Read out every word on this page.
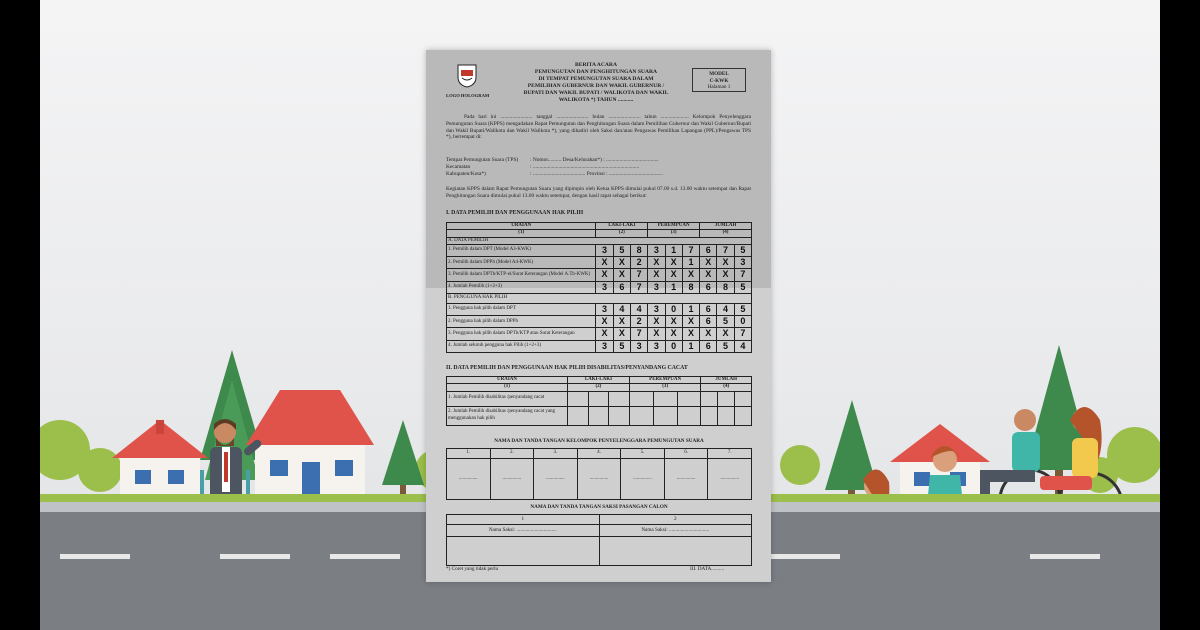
LOGO HOLOGRAM
BERITA ACARA
PEMUNGUTAN DAN PENGHITUNGAN SUARA
DI TEMPAT PEMUNGUTAN SUARA DALAM
PEMILIHAN GUBERNUR DAN WAKIL GUBERNUR /
BUPATI DAN WAKIL BUPATI / WALIKOTA DAN WAKIL
WALIKOTA *) TAHUN ...........
MODEL
C-KWK
Halaman 1
Pada hari ini ........................ tanggal ........................ bulan ........................ tahun ..................... Kelompok Penyelenggara Pemungutan Suara (KPPS) mengadakan Rapat Pemungutan dan Penghitungan Suara dalam Pemilihan Gubernur dan Wakil Gubernur/Bupati dan Wakil Bupati/Walikota dan Wakil Walikota *), yang dihadiri oleh Saksi dan/atau Pengawas Pemilihan Lapangan (PPL)/Pengawas TPS *), bertempat di:
Tempat Pemungutan Suara (TPS) : Nomor.......... Desa/Kelurahan*) : .......................................
Kecamatan	: ...............................................................................
Kabupaten/Kota*)	: ....................................... Provinsi : ........................................
Kegiatan KPPS dalam Rapat Pemungutan Suara yang dipimpin oleh Ketua KPPS dimulai pukul 07.00 s.d. 13.00 waktu setempat dan Rapat Penghitungan Suara dimulai pukul 13.00 waktu setempat, dengan hasil rapat sebagai berikut:
I. DATA PEMILIH DAN PENGGUNAAN HAK PILIH
URAIAN	LAKI-LAKI			PEREMPUAN			JUMLAH		
(1)	(2)			(3)			(4)		
A. DATA PEMILIH									
1. Pemilih dalam DPT (Model A3-KWK)	3	5	8	3	1	7	6	7	5
2. Pemilih dalam DPPh (Model A4-KWK)	X	X	2	X	X	1	X	X	3
3. Pemilih dalam DPTb/KTP-el/Surat Keterangan (Model A.Tb-KWK)	X	X	7	X	X	X	X	X	7
4. Jumlah Pemilih (1+2+3)	3	6	7	3	1	8	6	8	5
B. PENGGUNA HAK PILIH									
1. Pengguna hak pilih dalam DPT	3	4	4	3	0	1	6	4	5
2. Pengguna hak pilih dalam DPPh	X	X	2	X	X	X	6	5	0
3. Pengguna hak pilih dalam DPTb/KTP atau Surat Keterangan	X	X	7	X	X	X	X	X	7
4. Jumlah seluruh pengguna hak Pilih (1+2+3)	3	5	3	3	0	1	6	5	4
II. DATA PEMILIH DAN PENGGUNAAN HAK PILIH DISABILITAS/PENYANDANG CACAT
URAIAN	LAKI-LAKI			PEREMPUAN			JUMLAH		
(1)	(2)			(3)			(4)		
1. Jumlah Pemilih disabilitas /penyandang cacat									
2. Jumlah Pemilih disabilitas /penyandang cacat yang menggunakan hak pilih									
NAMA DAN TANDA TANGAN KELOMPOK PENYELENGGARA PEMUNGUTAN SUARA
1.	2.	3.	4.	5.	6.	7.
...............	...............	...............	...............	...............	...............	...............
NAMA DAN TANDA TANGAN SAKSI PASANGAN CALON
1	2
Nama Saksi: ...............................	Nama Saksi: ...............................

*) Coret yang tidak perlu	III. DATA..........
